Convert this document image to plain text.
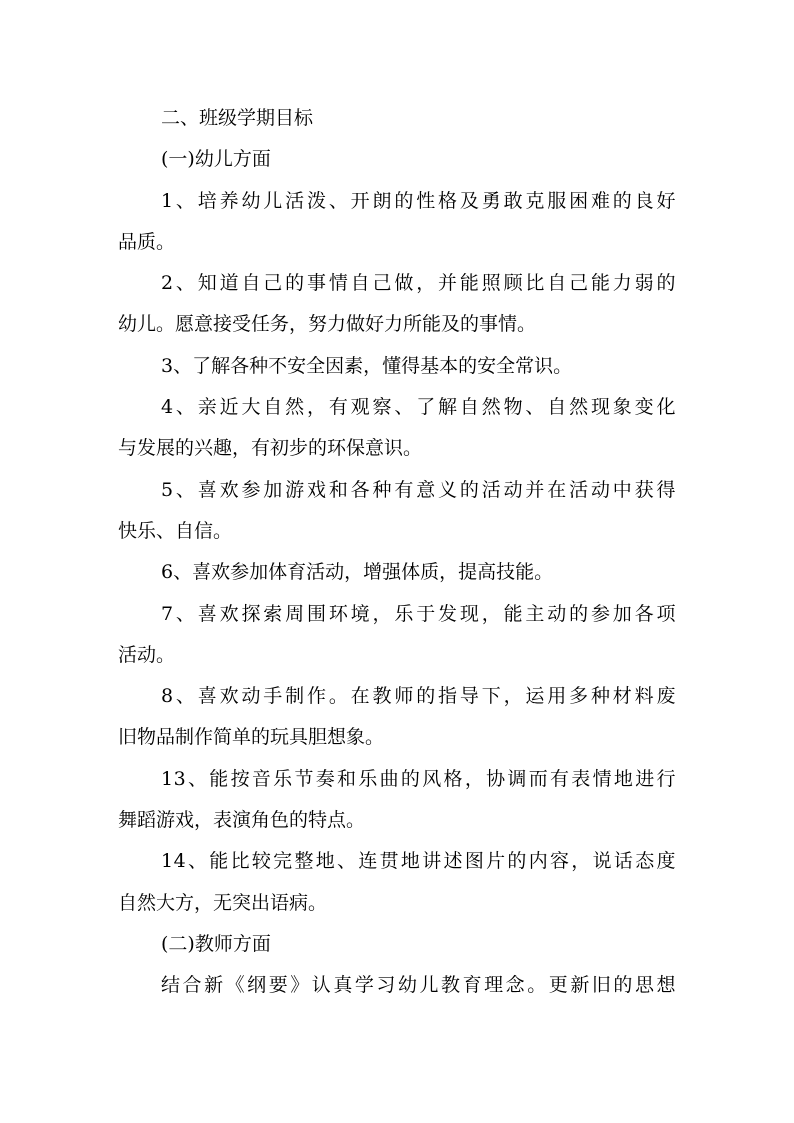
二、班级学期目标
(一)幼儿方面
1、培养幼儿活泼、开朗的性格及勇敢克服困难的良好
品质。
2、知道自己的事情自己做，并能照顾比自己能力弱的
幼儿。愿意接受任务，努力做好力所能及的事情。
3、了解各种不安全因素，懂得基本的安全常识。
4、亲近大自然，有观察、了解自然物、自然现象变化
与发展的兴趣，有初步的环保意识。
5、喜欢参加游戏和各种有意义的活动并在活动中获得
快乐、自信。
6、喜欢参加体育活动，增强体质，提高技能。
7、喜欢探索周围环境，乐于发现，能主动的参加各项
活动。
8、喜欢动手制作。在教师的指导下，运用多种材料废
旧物品制作简单的玩具胆想象。
13、能按音乐节奏和乐曲的风格，协调而有表情地进行
舞蹈游戏，表演角色的特点。
14、能比较完整地、连贯地讲述图片的内容，说话态度
自然大方，无突出语病。
(二)教师方面
结合新《纲要》认真学习幼儿教育理念。更新旧的思想
